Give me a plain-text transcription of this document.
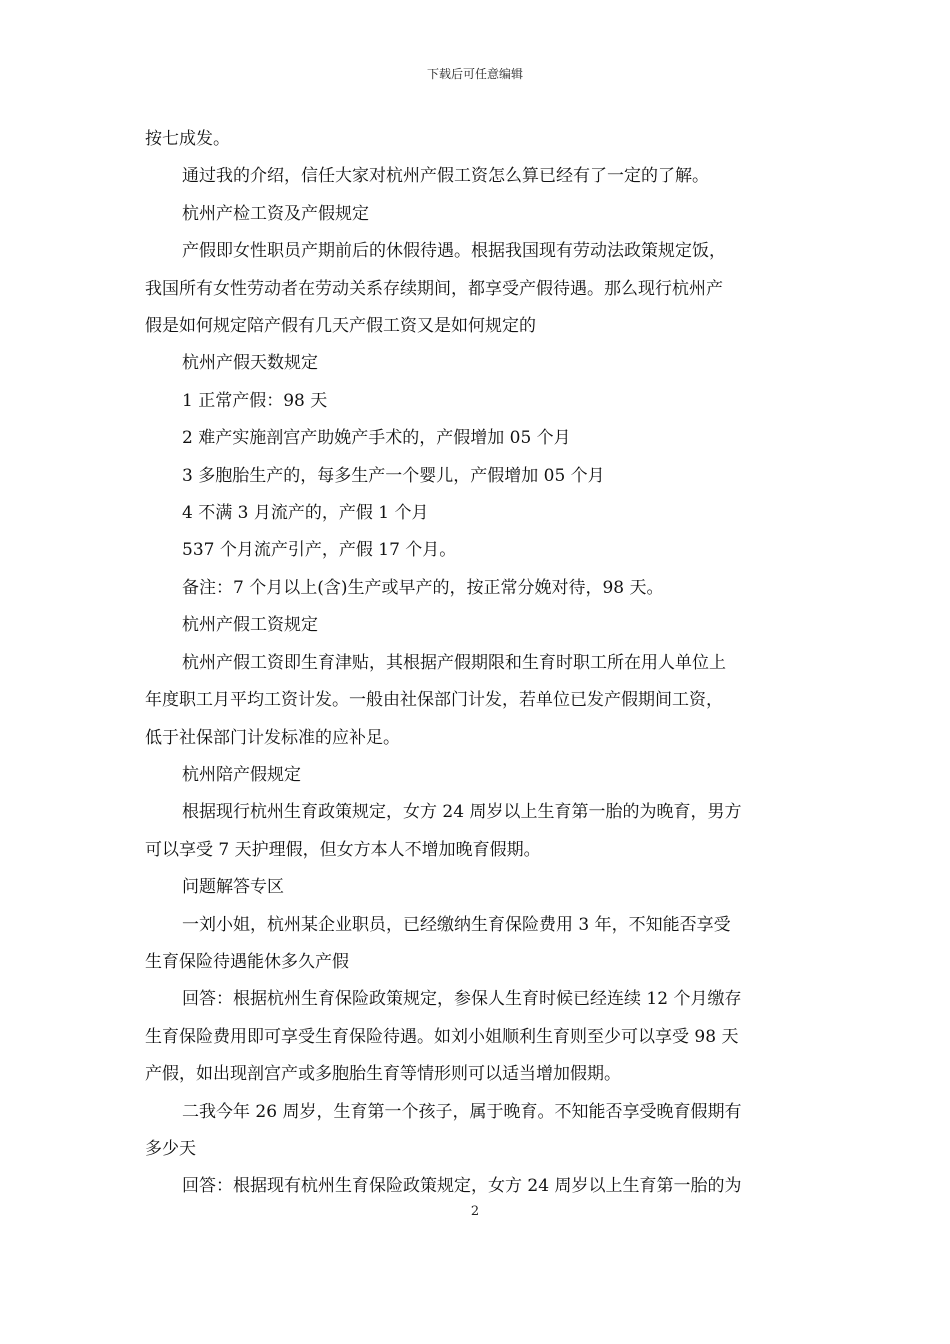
下载后可任意编辑

按七成发。

通过我的介绍，信任大家对杭州产假工资怎么算已经有了一定的了解。

杭州产检工资及产假规定

产假即女性职员产期前后的休假待遇。根据我国现有劳动法政策规定饭，

我国所有女性劳动者在劳动关系存续期间，都享受产假待遇。那么现行杭州产

假是如何规定陪产假有几天产假工资又是如何规定的

杭州产假天数规定

1 正常产假：98 天

2 难产实施剖宫产助娩产手术的，产假增加 05 个月

3 多胞胎生产的，每多生产一个婴儿，产假增加 05 个月

4 不满 3 月流产的，产假 1 个月

537 个月流产引产，产假 17 个月。

备注：7 个月以上(含)生产或早产的，按正常分娩对待，98 天。

杭州产假工资规定

杭州产假工资即生育津贴，其根据产假期限和生育时职工所在用人单位上

年度职工月平均工资计发。一般由社保部门计发，若单位已发产假期间工资，

低于社保部门计发标准的应补足。

杭州陪产假规定

根据现行杭州生育政策规定，女方 24 周岁以上生育第一胎的为晚育，男方

可以享受 7 天护理假，但女方本人不增加晚育假期。

问题解答专区

一刘小姐，杭州某企业职员，已经缴纳生育保险费用 3 年，不知能否享受

生育保险待遇能休多久产假

回答：根据杭州生育保险政策规定，参保人生育时候已经连续 12 个月缴存

生育保险费用即可享受生育保险待遇。如刘小姐顺利生育则至少可以享受 98 天

产假，如出现剖宫产或多胞胎生育等情形则可以适当增加假期。

二我今年 26 周岁，生育第一个孩子，属于晚育。不知能否享受晚育假期有

多少天

回答：根据现有杭州生育保险政策规定，女方 24 周岁以上生育第一胎的为

2
